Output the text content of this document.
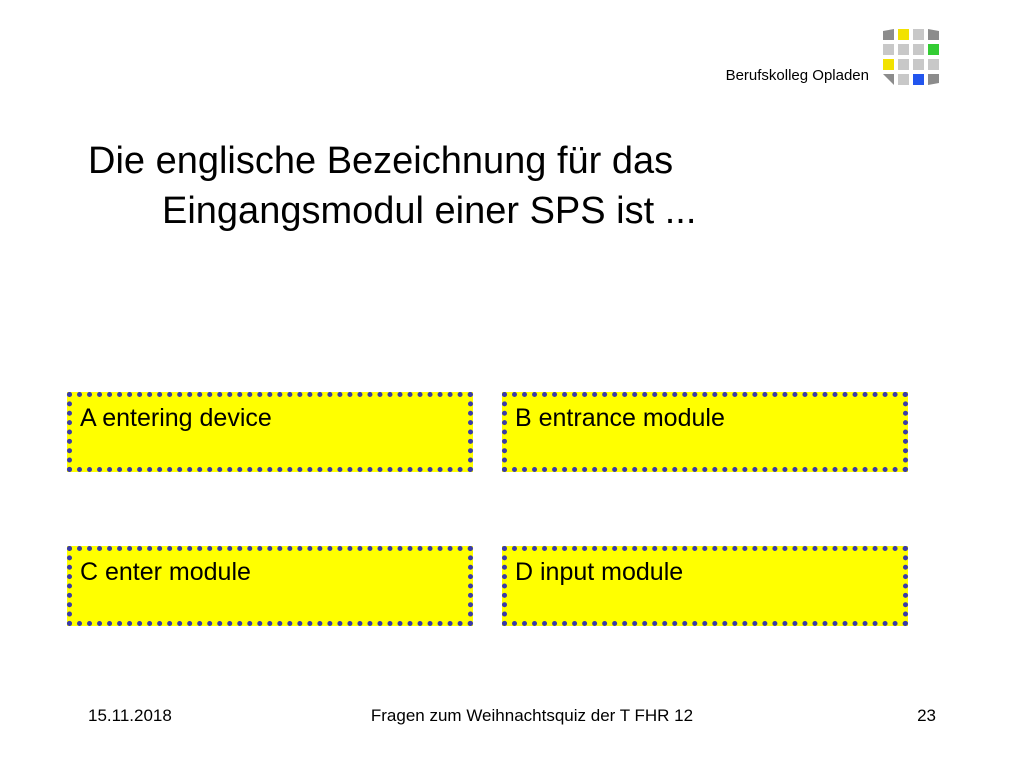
Berufskolleg Opladen
Die englische Bezeichnung für das
Eingangsmodul einer SPS ist ...
A entering device	B entrance module
C enter module	D input module
15.11.2018	Fragen zum Weihnachtsquiz der T FHR 12	23
